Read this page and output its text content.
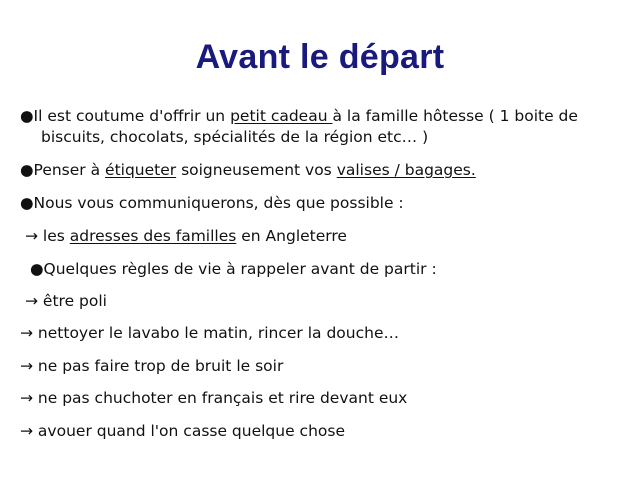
Avant le départ
●Il est coutume d'offrir un petit cadeau à la famille hôtesse ( 1 boite de
biscuits, chocolats, spécialités de la région etc… )
●Penser à étiqueter soigneusement vos valises / bagages.
●Nous vous communiquerons, dès que possible :
→ les adresses des familles en Angleterre
●Quelques règles de vie à rappeler avant de partir :
→ être poli
→ nettoyer le lavabo le matin, rincer la douche…
→ ne pas faire trop de bruit le soir
→ ne pas chuchoter en français et rire devant eux
→ avouer quand l'on casse quelque chose
